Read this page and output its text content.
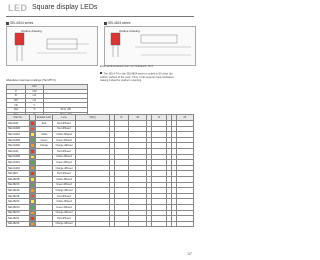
LED Square display LEDs
SEL4G04 series	SEL4824 series
Outline drawing	Outline drawing
External dimensions Unit: mm Tolerance: ±0.3
The SEL4 F4 in the SEL4804 series is suited to 5V drive (for
carbon surface of the resin. Thus, it has superior heat resistance
making it ideal for outdoor mounting.
Absolute maximum ratings (Ta=25°C)
	Unit	
P	mW	
IF	mA	
IFP	mA	
VR	V	
Topr	°C	-30 to +85

Part No.		Emitted color	Lens	VF(V)		IF	λP		IV			2θ
SEL4G04		Red	Red diffused									
SEL4G04B			Red diffused									
SEL4G04C		Yellow	Yellow diffused									
SEL4G04D		Green	Green diffused									
SEL4G04E		Orange	Orange diffused									
SEL4G24			Red diffused									
SEL4G24B			Yellow diffused									
SEL4G24C			Green diffused									
SEL4G24D			Orange diffused									
SEL4824			Red diffused									
SEL4824B			Yellow diffused									
SEL4824C			Green diffused									
SEL4824D			Orange diffused									
SEL4824E			Red diffused									
SEL4824F			Yellow diffused									
SEL4824G			Green diffused									
SEL4824H			Orange diffused									
SEL4824J			Red diffused									
SEL4824K			Orange diffused									
37
